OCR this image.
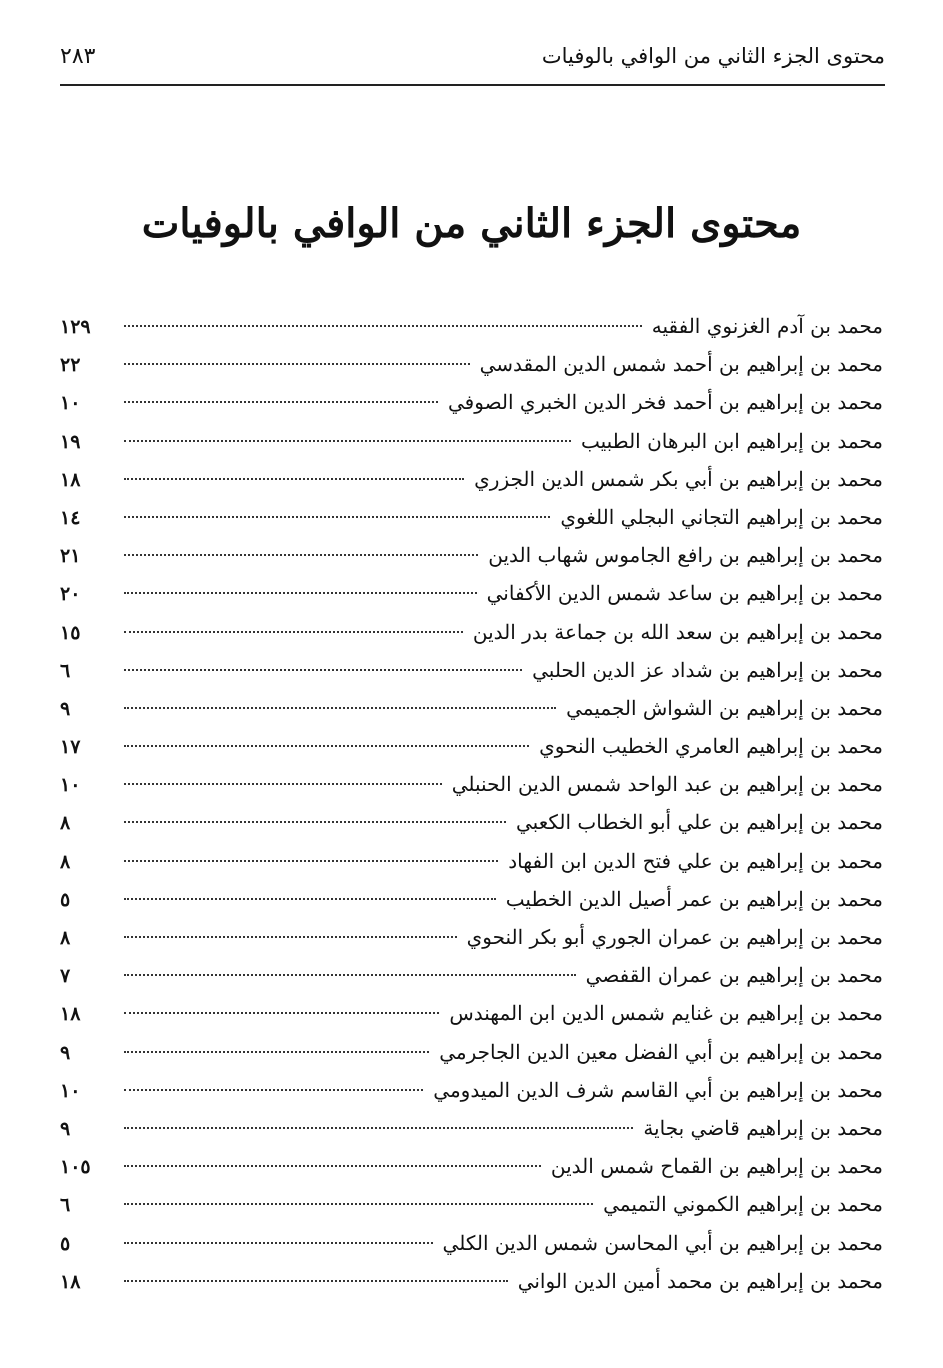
محتوى الجزء الثاني من الوافي بالوفيات
٢٨٣
محتوى الجزء الثاني من الوافي بالوفيات
محمد بن آدم الغزنوي الفقيه
١٢٩
محمد بن إبراهيم بن أحمد شمس الدين المقدسي
٢٢
محمد بن إبراهيم بن أحمد فخر الدين الخبري الصوفي
١٠
محمد بن إبراهيم ابن البرهان الطبيب
١٩
محمد بن إبراهيم بن أبي بكر شمس الدين الجزري
١٨
محمد بن إبراهيم التجاني البجلي اللغوي
١٤
محمد بن إبراهيم بن رافع الجاموس شهاب الدين
٢١
محمد بن إبراهيم بن ساعد شمس الدين الأكفاني
٢٠
محمد بن إبراهيم بن سعد الله بن جماعة بدر الدين
١٥
محمد بن إبراهيم بن شداد عز الدين الحلبي
٦
محمد بن إبراهيم بن الشواش الجميمي
٩
محمد بن إبراهيم العامري الخطيب النحوي
١٧
محمد بن إبراهيم بن عبد الواحد شمس الدين الحنبلي
١٠
محمد بن إبراهيم بن علي أبو الخطاب الكعبي
٨
محمد بن إبراهيم بن علي فتح الدين ابن الفهاد
٨
محمد بن إبراهيم بن عمر أصيل الدين الخطيب
٥
محمد بن إبراهيم بن عمران الجوري أبو بكر النحوي
٨
محمد بن إبراهيم بن عمران القفصي
٧
محمد بن إبراهيم بن غنايم شمس الدين ابن المهندس
١٨
محمد بن إبراهيم بن أبي الفضل معين الدين الجاجرمي
٩
محمد بن إبراهيم بن أبي القاسم شرف الدين الميدومي
١٠
محمد بن إبراهيم قاضي بجاية
٩
محمد بن إبراهيم بن القماح شمس الدين
١٠٥
محمد بن إبراهيم الكموني التميمي
٦
محمد بن إبراهيم بن أبي المحاسن شمس الدين الكلي
٥
محمد بن إبراهيم بن محمد أمين الدين الواني
١٨
